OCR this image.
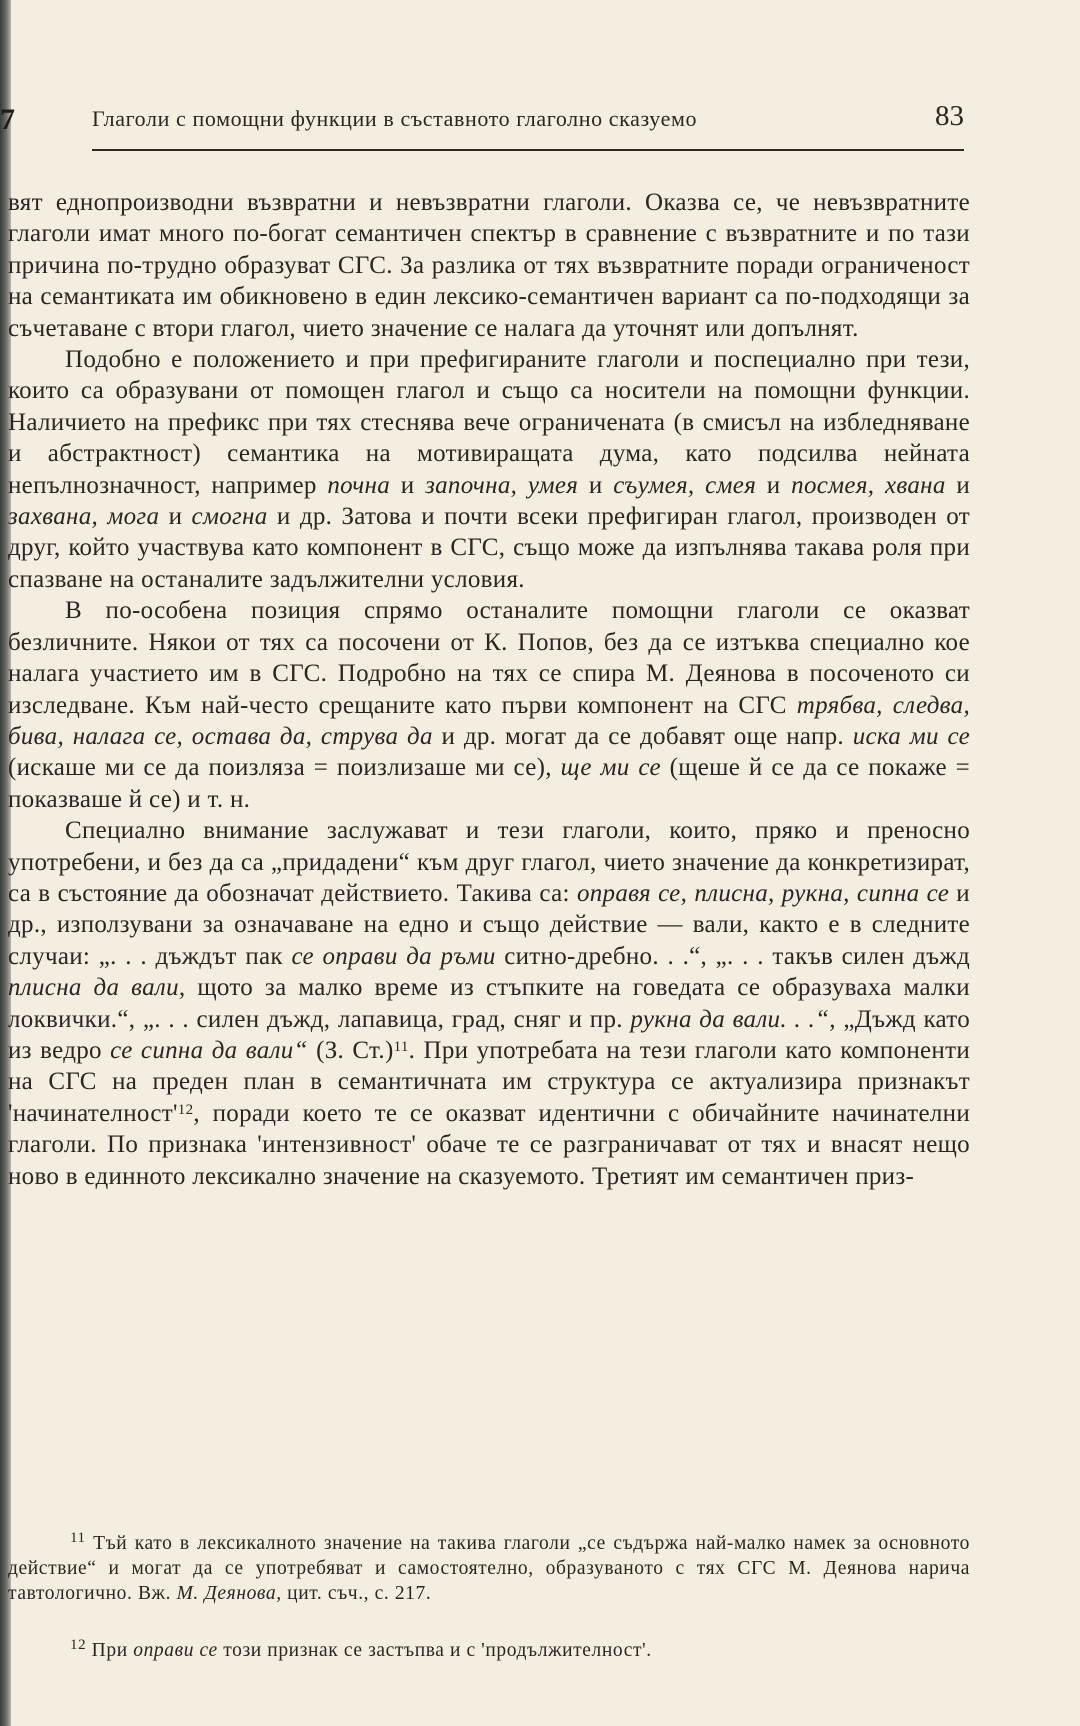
7	Глаголи с помощни функции в съставното глаголно сказуемо	83

вят еднопроизводни възвратни и невъзвратни глаголи. Оказва се, че невъзвратните глаголи имат много по-богат семантичен спектър в сравнение с възвратните и по тази причина по-трудно образуват СГС. За разлика от тях възвратните поради ограниченост на семантиката им обикновено в един лексико-семантичен вариант са по-подходящи за съчетаване с втори глагол, чието значение се налага да уточнят или допълнят.

Подобно е положението и при префигираните глаголи и поспециално при тези, които са образувани от помощен глагол и също са носители на помощни функции. Наличието на префикс при тях стеснява вече ограничената (в смисъл на избледняване и абстрактност) семантика на мотивиращата дума, като подсилва нейната непълнозначност, например почна и започна, умея и съумея, смея и посмея, хвана и захвана, мога и смогна и др. Затова и почти всеки префигиран глагол, производен от друг, който участвува като компонент в СГС, също може да изпълнява такава роля при спазване на останалите задължителни условия.

В по-особена позиция спрямо останалите помощни глаголи се оказват безличните. Някои от тях са посочени от К. Попов, без да се изтъква специално кое налага участието им в СГС. Подробно на тях се спира М. Деянова в посоченото си изследване. Към най-често срещаните като първи компонент на СГС трябва, следва, бива, налага се, остава да, струва да и др. могат да се добавят още напр. иска ми се (искаше ми се да поизляза = поизлизаше ми се), ще ми се (щеше й се да се покаже = показваше й се) и т. н.

Специално внимание заслужават и тези глаголи, които, пряко и преносно употребени, и без да са „придадени“ към друг глагол, чието значение да конкретизират, са в състояние да обозначат действието. Такива са: оправя се, плисна, рукна, сипна се и др., използувани за означаване на едно и също действие — вали, както е в следните случаи: „. . . дъждът пак се оправи да ръми ситно-дребно. . .“, „. . . такъв силен дъжд плисна да вали, щото за малко време из стъпките на говедата се образуваха малки локвички.“, „. . . силен дъжд, лапавица, град, сняг и пр. рукна да вали. . .“, „Дъжд като из ведро се сипна да вали“ (З. Ст.)$^{11}$. При употребата на тези глаголи като компоненти на СГС на преден план в семантичната им структура се актуализира признакът '$начинателност'^{12}$, поради което те се оказват идентични с обичайните начинателни глаголи. По признака 'интензивност' обаче те се разграничават от тях и внасят нещо ново в единното лексикално значение на сказуемото. Третият им семантичен приз-

$^{11}$ Тъй като в лексикалното значение на такива глаголи „се съдържа най-малко намек за основното действие“ и могат да се употребяват и самостоятелно, образуваното с тях СГС М. Деянова нарича тавтологично. Вж. М. Деянова, цит. съч., с. 217.

$^{12}$ При оправи се този признак се застъпва и с 'продължителност'.
